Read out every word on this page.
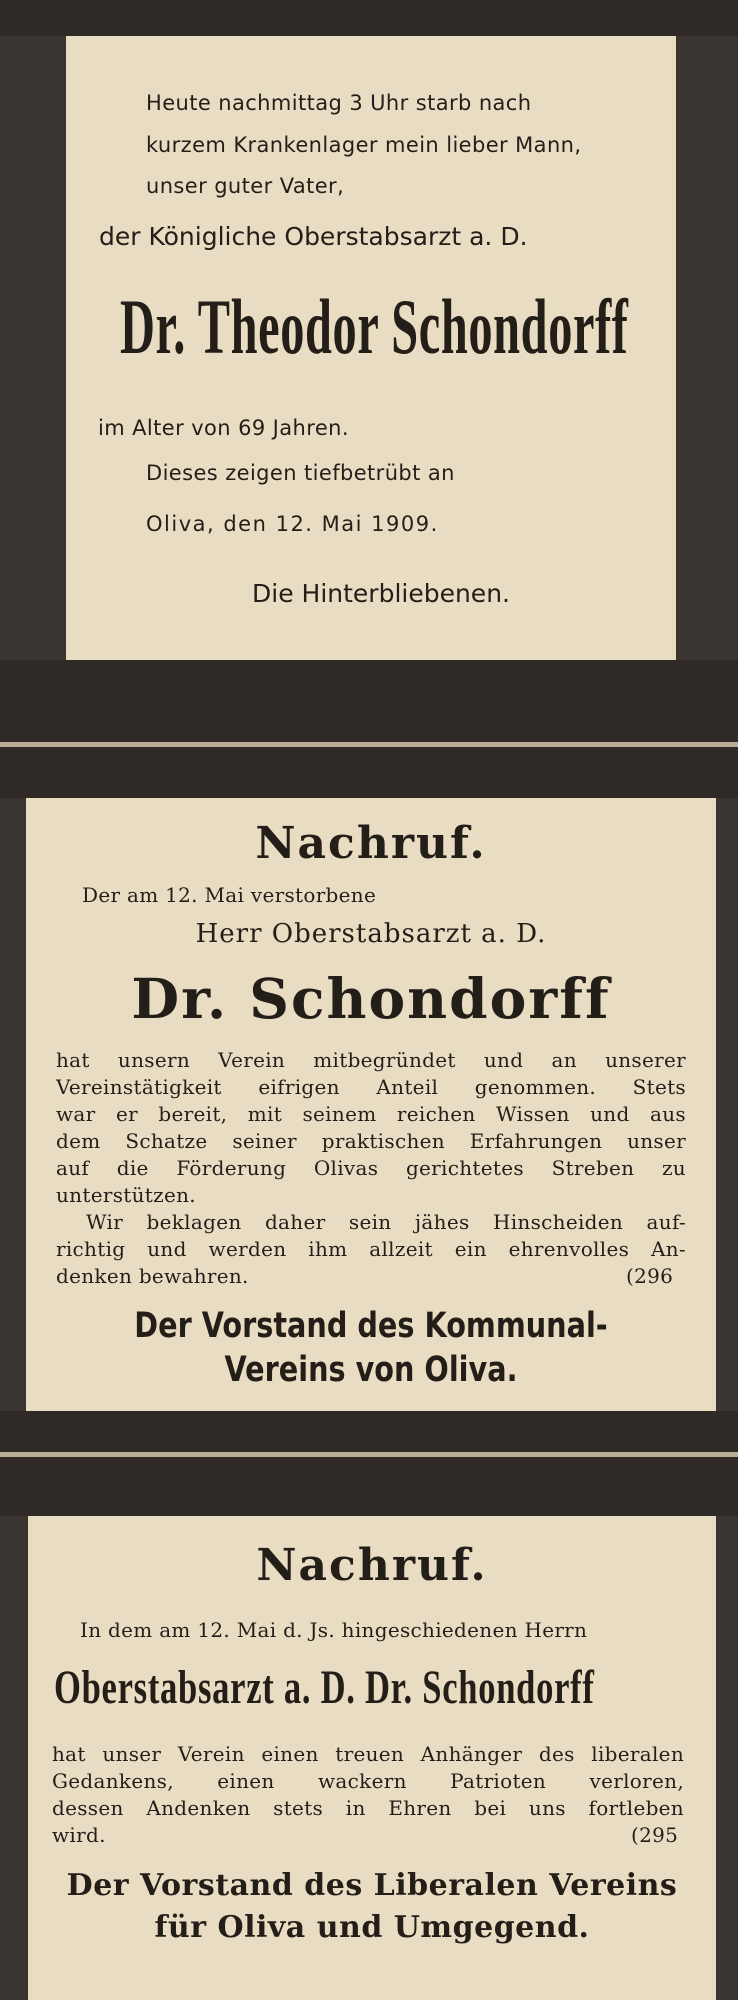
Heute nachmittag 3 Uhr starb nach
kurzem Krankenlager mein lieber Mann,
unser guter Vater,
der Königliche Oberstabsarzt a. D.
Dr. Theodor Schondorff
im Alter von 69 Jahren.
Dieses zeigen tiefbetrübt an
Oliva, den 12. Mai 1909.
Die Hinterbliebenen.
Nachruf.
Der am 12. Mai verstorbene
Herr Oberstabsarzt a. D.
Dr. Schondorff
hat unsern Verein mitbegründet und an unserer
Vereinstätigkeit eifrigen Anteil genommen. Stets
war er bereit, mit seinem reichen Wissen und aus
dem Schatze seiner praktischen Erfahrungen unser
auf die Förderung Olivas gerichtetes Streben zu
unterstützen.
Wir beklagen daher sein jähes Hinscheiden auf-
richtig und werden ihm allzeit ein ehrenvolles An-
denken bewahren.	(296
Der Vorstand des Kommunal-
Vereins von Oliva.
Nachruf.
In dem am 12. Mai d. Js. hingeschiedenen Herrn
Oberstabsarzt a. D. Dr. Schondorff
hat unser Verein einen treuen Anhänger des liberalen
Gedankens, einen wackern Patrioten verloren,
dessen Andenken stets in Ehren bei uns fortleben
wird.	(295
Der Vorstand des Liberalen Vereins
für Oliva und Umgegend.
